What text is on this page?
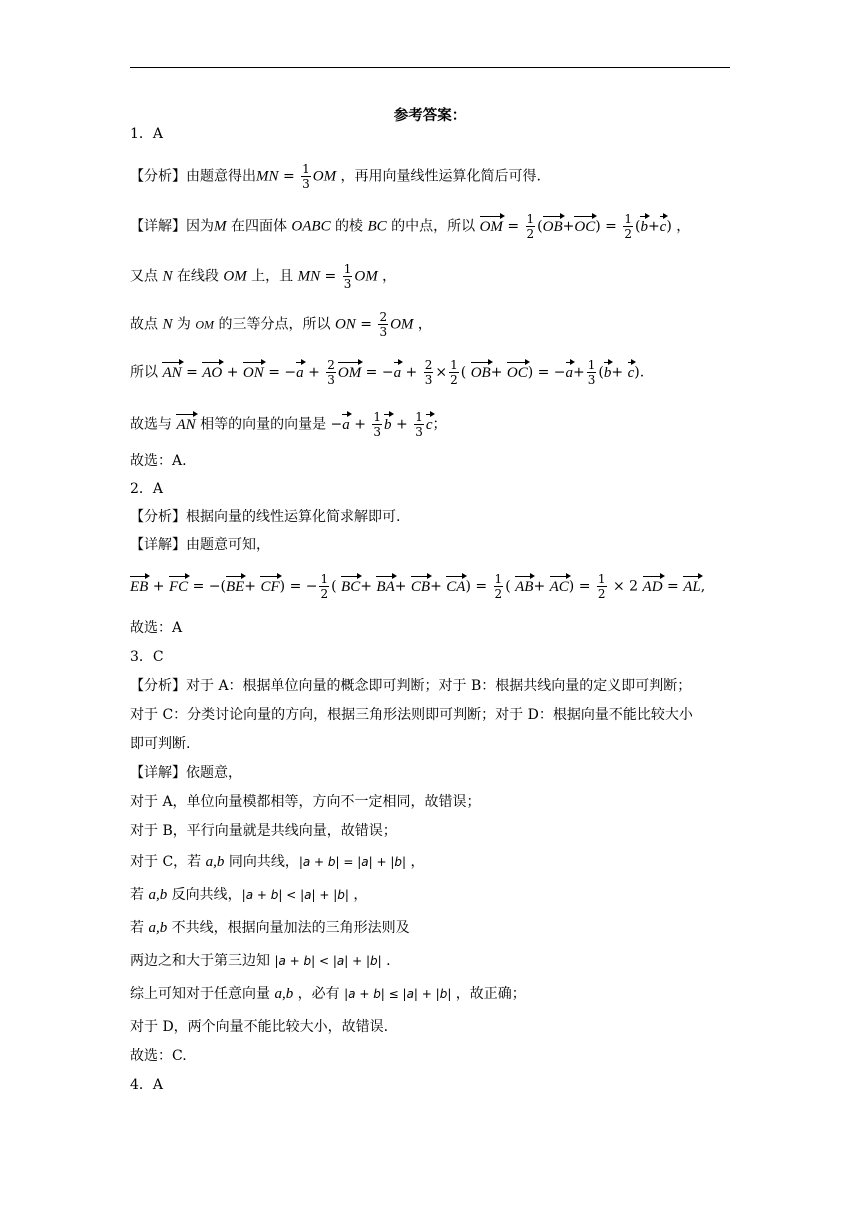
参考答案：
1．A
【分析】由题意得出MN = $\frac{1}{3}$ OM ，再用向量线性运算化简后可得.
【详解】因为M 在四面体 OABC 的棱 BC 的中点，所以 OM = $\frac{1}{2} (OB+OC) = \frac{1}{2} (b+c)$ ，
又点 N 在线段 OM 上，且 MN = $\frac{1}{3}$ OM ，
故点 N 为 OM 的三等分点，所以 ON = $\frac{2}{3}$ OM ，
所以 AN = AO + ON = $-a + \frac{2}{3}$ OM = $-a + \frac{2}{3} \times \frac{1}{2}$ ( $OB+ OC) = -a+ \frac{1}{3} (b+ c)$.
故选与 AN 相等的向量的向量是 $-a + \frac{1}{3}$ $b + \frac{1}{3}$ c；
故选：A.
2．A
【分析】根据向量的线性运算化简求解即可.
【详解】由题意可知，
EB + FC = −(BE+ CF) = − $\frac{1}{2}$ ( $BC+ BA+ CB+ CA) = \frac{1}{2}$ ( $AB+ AC) = \frac{1}{2} \times 2$ AD = AL,
故选：A
3．C
【分析】对于 A：根据单位向量的概念即可判断；对于 B：根据共线向量的定义即可判断；
对于 C：分类讨论向量的方向，根据三角形法则即可判断；对于 D：根据向量不能比较大小
即可判断.
【详解】依题意，
对于 A，单位向量模都相等，方向不一定相同，故错误；
对于 B，平行向量就是共线向量，故错误；
对于 C，若 a,b 同向共线，|a + b| = |a| + |b| ，
若 a,b 反向共线，|a + b| < |a| + |b| ，
若 a,b 不共线，根据向量加法的三角形法则及
两边之和大于第三边知 |a + b| < |a| + |b| .
综上可知对于任意向量 a,b ，必有 |a + b| ≤ |a| + |b| ，故正确；
对于 D，两个向量不能比较大小，故错误.
故选：C.
4．A
